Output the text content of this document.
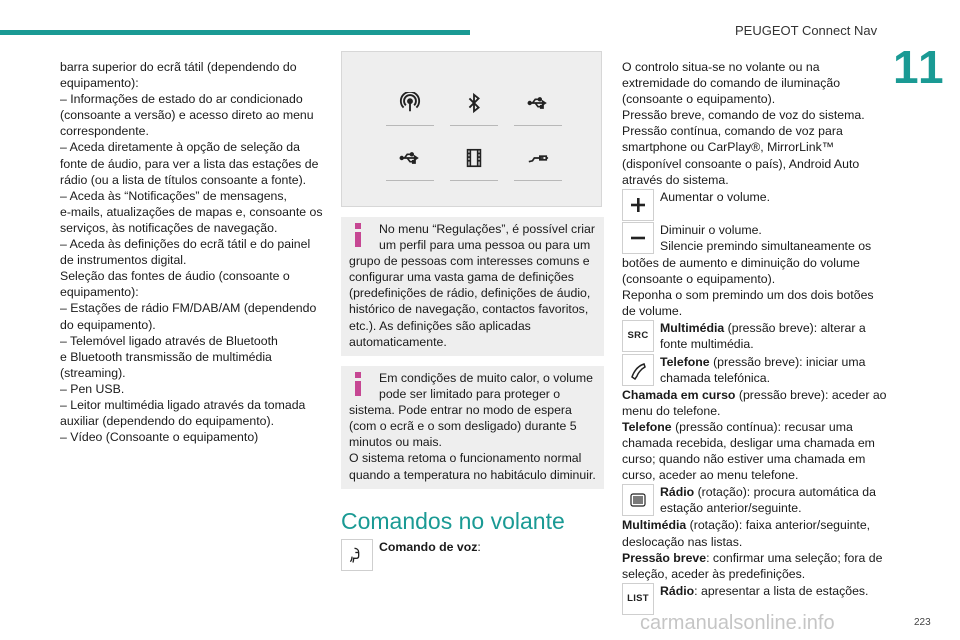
PEUGEOT Connect Nav
11

barra superior do ecrã tátil (dependendo do

equipamento):

– Informações de estado do ar condicionado

(consoante a versão) e acesso direto ao menu

correspondente.

– Aceda diretamente à opção de seleção da

fonte de áudio, para ver a lista das estações de

rádio (ou a lista de títulos consoante a fonte).

– Aceda às “Notificações” de mensagens,

e-mails, atualizações de mapas e, consoante os

serviços, às notificações de navegação.

– Aceda às definições do ecrã tátil e do painel

de instrumentos digital.

Seleção das fontes de áudio (consoante o

equipamento):

– Estações de rádio FM/DAB/AM (dependendo

do equipamento).

– Telemóvel ligado através de Bluetooth

e Bluetooth transmissão de multimédia

(streaming).

– Pen USB.

– Leitor multimédia ligado através da tomada

auxiliar (dependendo do equipamento).

– Vídeo (Consoante o equipamento)

No menu “Regulações”, é possível criar

um perfil para uma pessoa ou para um

grupo de pessoas com interesses comuns e

configurar uma vasta gama de definições

(predefinições de rádio, definições de áudio,

histórico de navegação, contactos favoritos,

etc.). As definições são aplicadas

automaticamente.

Em condições de muito calor, o volume

pode ser limitado para proteger o

sistema. Pode entrar no modo de espera

(com o ecrã e o som desligado) durante 5

minutos ou mais.

O sistema retoma o funcionamento normal

quando a temperatura no habitáculo diminuir.

Comandos no volante
Comando de voz:

O controlo situa-se no volante ou na

extremidade do comando de iluminação

(consoante o equipamento).

Pressão breve, comando de voz do sistema.

Pressão contínua, comando de voz para

smartphone ou CarPlay®, MirrorLink™

(disponível consoante o país), Android Auto

através do sistema.

Aumentar o volume.

Diminuir o volume.

Silencie premindo simultaneamente os

botões de aumento e diminuição do volume

(consoante o equipamento).

Reponha o som premindo um dos dois botões

de volume.

SRC

Multimédia (pressão breve): alterar a

fonte multimédia.

Telefone (pressão breve): iniciar uma

chamada telefónica.

Chamada em curso (pressão breve): aceder ao

menu do telefone.

Telefone (pressão contínua): recusar uma

chamada recebida, desligar uma chamada em

curso; quando não estiver uma chamada em

curso, aceder ao menu telefone.

Rádio (rotação): procura automática da

estação anterior/seguinte.

Multimédia (rotação): faixa anterior/seguinte,

deslocação nas listas.

Pressão breve: confirmar uma seleção; fora de

seleção, aceder às predefinições.

LIST

Rádio: apresentar a lista de estações.

carmanualsonline.info	223
